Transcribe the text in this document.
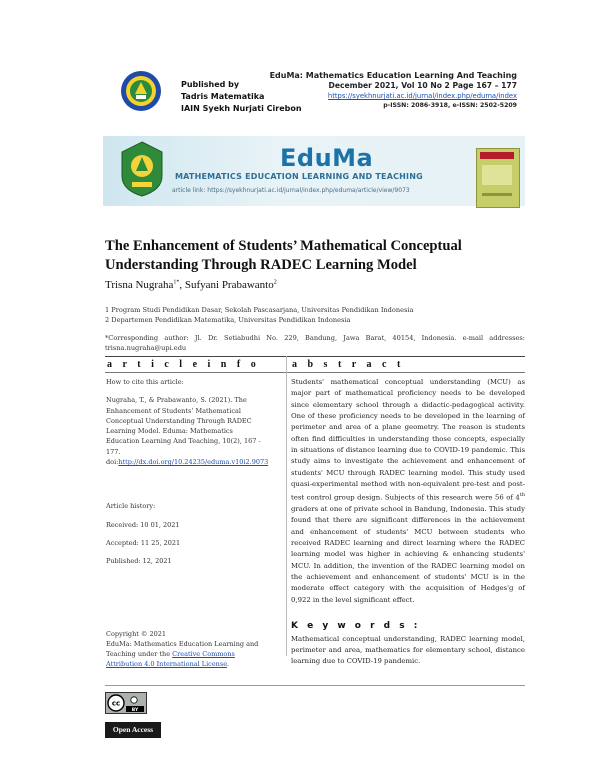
Published by
Tadris Matematika
IAIN Syekh Nurjati Cirebon
EduMa: Mathematics Education Learning And Teaching
December 2021, Vol 10 No 2 Page 167 – 177
https://syekhnurjati.ac.id/jurnal/index.php/eduma/index
p-ISSN: 2086-3918, e-ISSN: 2502-5209
EduMa
MATHEMATICS EDUCATION LEARNING AND TEACHING
article link: https://syekhnurjati.ac.id/jurnal/index.php/eduma/article/view/9073
The Enhancement of Students’ Mathematical Conceptual
Understanding Through RADEC Learning Model
Trisna Nugraha$^{1*}$, Sufyani Prabawanto$^2$
1 Program Studi Pendidikan Dasar, Sekolah Pascasarjana, Universitas Pendidikan Indonesia
2 Departemen Pendidikan Matematika, Universitas Pendidikan Indonesia
*Corresponding author: Jl. Dr. Setiabudhi No. 229, Bandung, Jawa Barat, 40154, Indonesia. e-mail addresses: trisna.nugraha@upi.edu
a r t i c l e i n f o	a b s t r a c t

How to cite this article:

Nugraha, T., & Prabawanto, S. (2021). The

Enhancement of Students’ Mathematical

Conceptual Understanding Through RADEC

Learning Model. Eduma: Mathematics

Education Learning And Teaching, 10(2), 167 -

177.

doi:http://dx.doi.org/10.24235/eduma.v10i2.9073

Article history:

Received: 10 01, 2021

Accepted: 11 25, 2021

Published: 12, 2021

Copyright © 2021

EduMa: Mathematics Education Learning and

Teaching under the Creative Commons

Attribution 4.0 International License.

Students' mathematical conceptual understanding (MCU) as major part of mathematical proficiency needs to be developed since elementary school through a didactic-pedagogical activity. One of these proficiency needs to be developed in the learning of perimeter and area of a plane geometry. The reason is students often find difficulties in understanding those concepts, especially in situations of distance learning due to COVID-19 pandemic. This study aims to investigate the achievement and enhancement of students' MCU through RADEC learning model. This study used quasi-experimental method with non-equivalent pre-test and post-test control group design. Subjects of this research were 56 of 4th graders at one of private school in Bandung, Indonesia. This study found that there are significant differences in the achievement and enhancement of students' MCU between students who received RADEC learning and direct learning where the RADEC learning model was higher in achieving & enhancing students' MCU. In addition, the invention of the RADEC learning model on the achievement and enhancement of students' MCU is in the moderate effect category with the acquisition of Hedges'g of 0,922 in the level significant effect.
K e y w o r d s :
Mathematical conceptual understanding, RADEC learning model, perimeter and area, mathematics for elementary school, distance learning due to COVID-19 pandemic.
cc
BY
Open Access
